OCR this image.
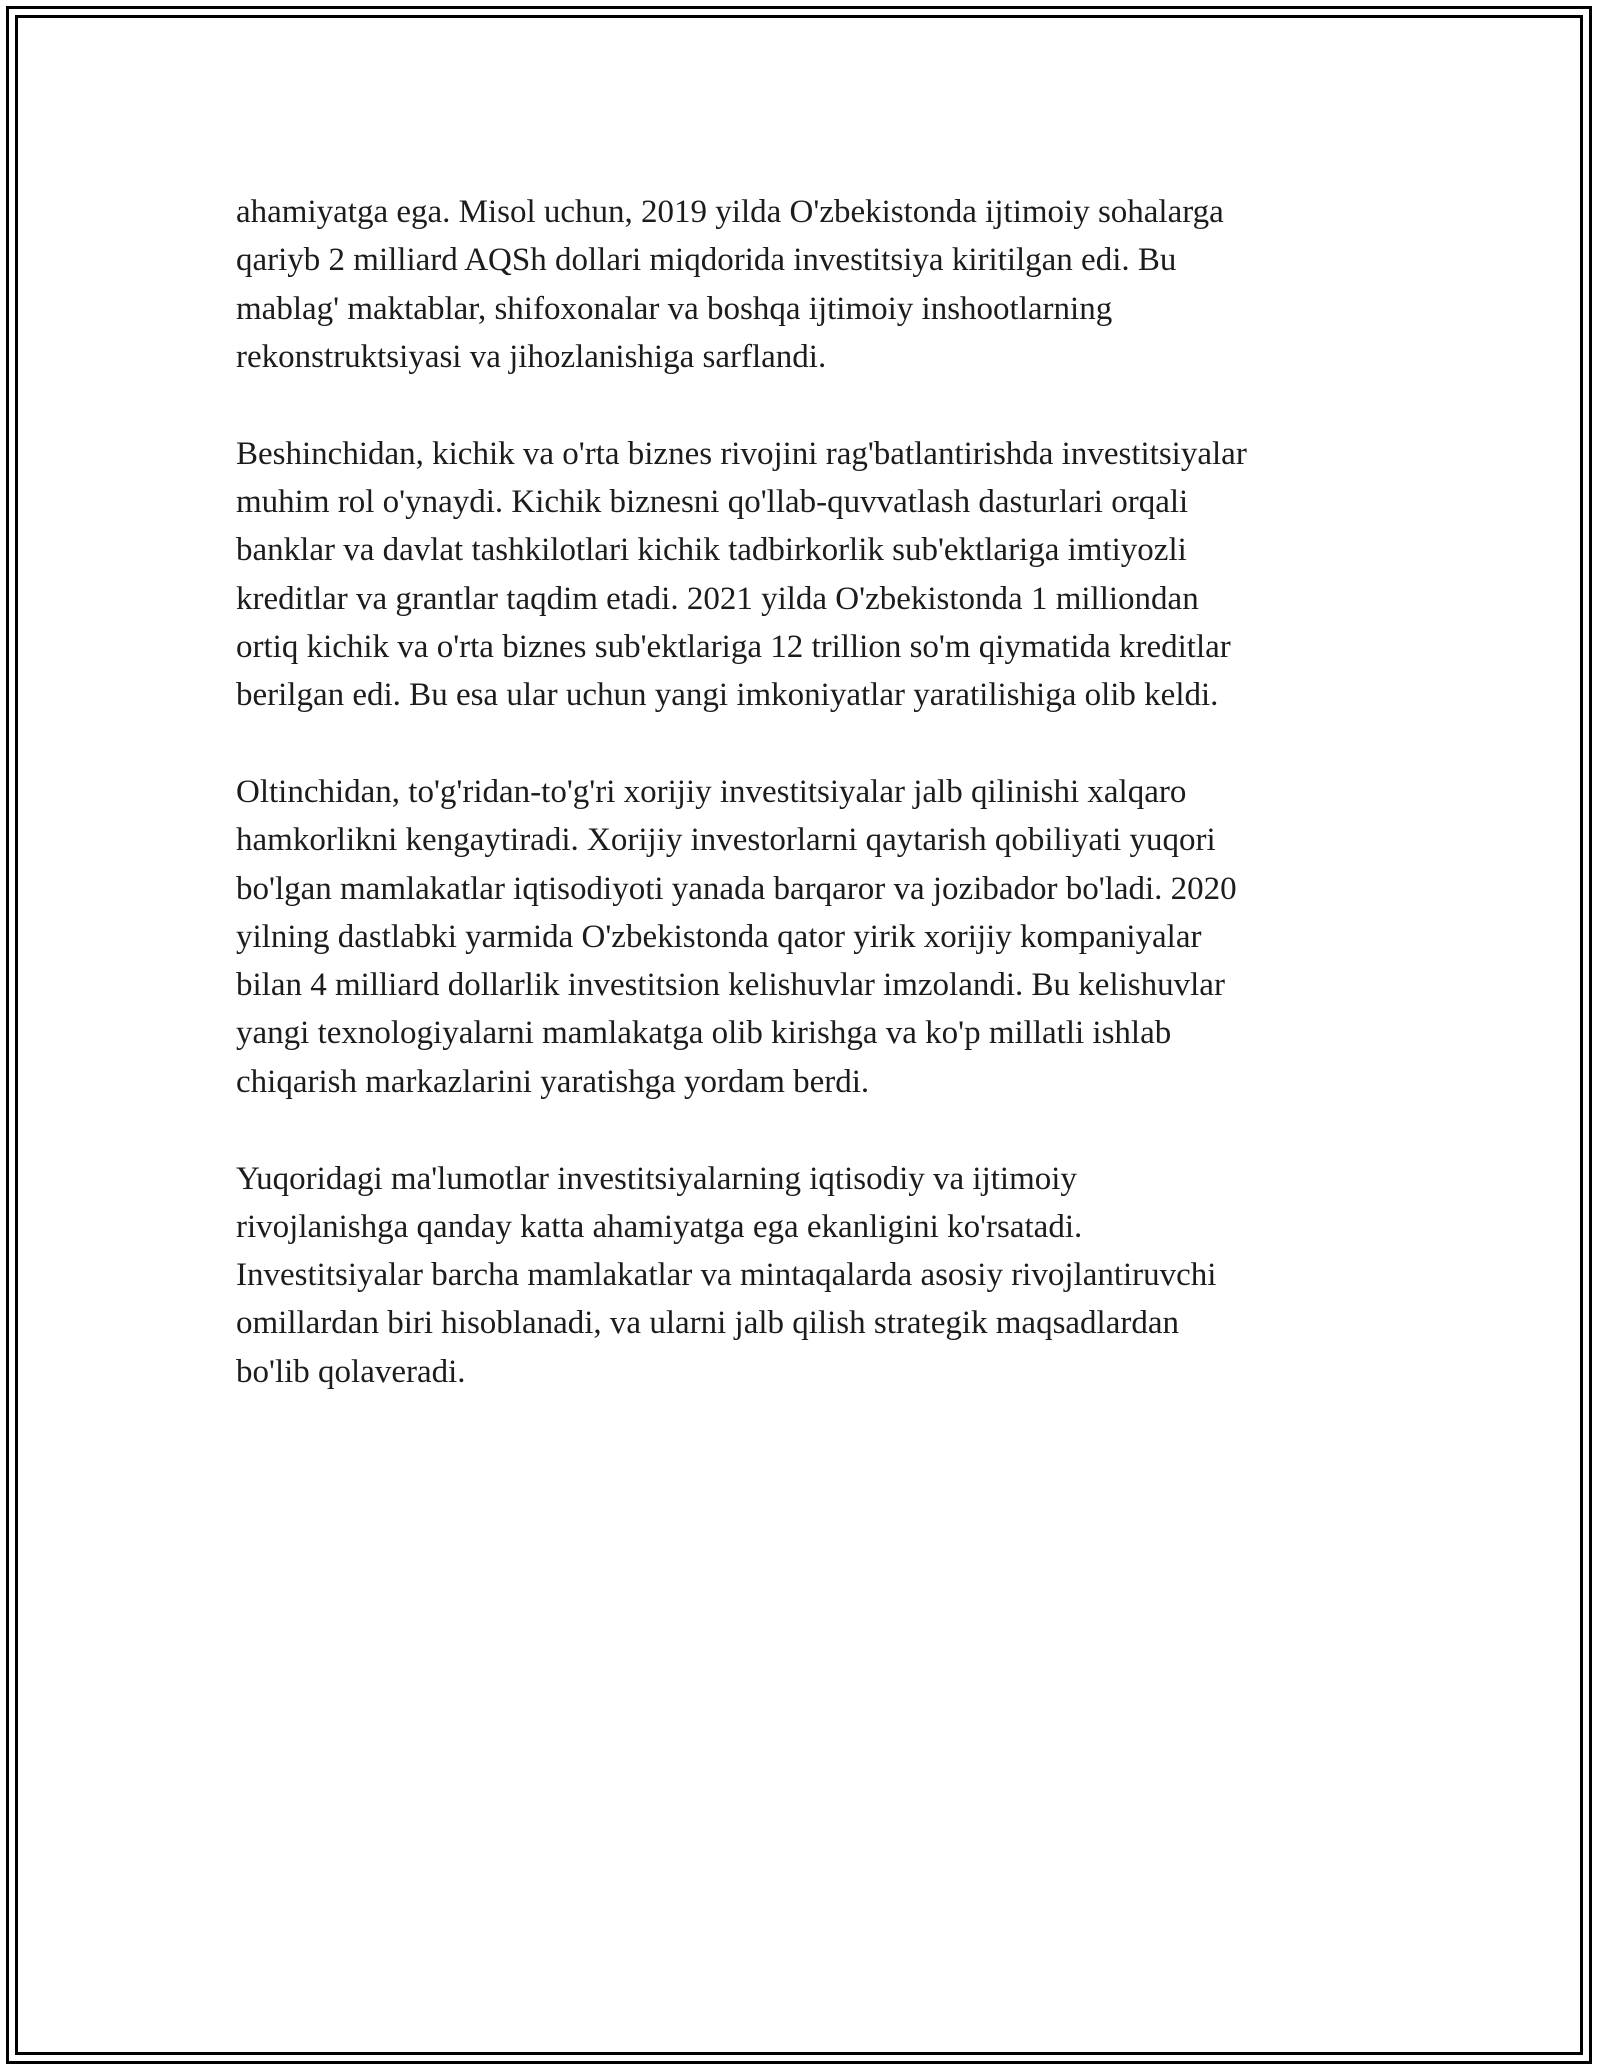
ahamiyatga ega. Misol uchun, 2019 yilda O'zbekistonda ijtimoiy sohalarga
qariyb 2 milliard AQSh dollari miqdorida investitsiya kiritilgan edi. Bu
mablag' maktablar, shifoxonalar va boshqa ijtimoiy inshootlarning
rekonstruktsiyasi va jihozlanishiga sarflandi.

Beshinchidan, kichik va o'rta biznes rivojini rag'batlantirishda investitsiyalar
muhim rol o'ynaydi. Kichik biznesni qo'llab-quvvatlash dasturlari orqali
banklar va davlat tashkilotlari kichik tadbirkorlik sub'ektlariga imtiyozli
kreditlar va grantlar taqdim etadi. 2021 yilda O'zbekistonda 1 milliondan
ortiq kichik va o'rta biznes sub'ektlariga 12 trillion so'm qiymatida kreditlar
berilgan edi. Bu esa ular uchun yangi imkoniyatlar yaratilishiga olib keldi.

Oltinchidan, to'g'ridan-to'g'ri xorijiy investitsiyalar jalb qilinishi xalqaro
hamkorlikni kengaytiradi. Xorijiy investorlarni qaytarish qobiliyati yuqori
bo'lgan mamlakatlar iqtisodiyoti yanada barqaror va jozibador bo'ladi. 2020
yilning dastlabki yarmida O'zbekistonda qator yirik xorijiy kompaniyalar
bilan 4 milliard dollarlik investitsion kelishuvlar imzolandi. Bu kelishuvlar
yangi texnologiyalarni mamlakatga olib kirishga va ko'p millatli ishlab
chiqarish markazlarini yaratishga yordam berdi.

Yuqoridagi ma'lumotlar investitsiyalarning iqtisodiy va ijtimoiy
rivojlanishga qanday katta ahamiyatga ega ekanligini ko'rsatadi.
Investitsiyalar barcha mamlakatlar va mintaqalarda asosiy rivojlantiruvchi
omillardan biri hisoblanadi, va ularni jalb qilish strategik maqsadlardan
bo'lib qolaveradi.
